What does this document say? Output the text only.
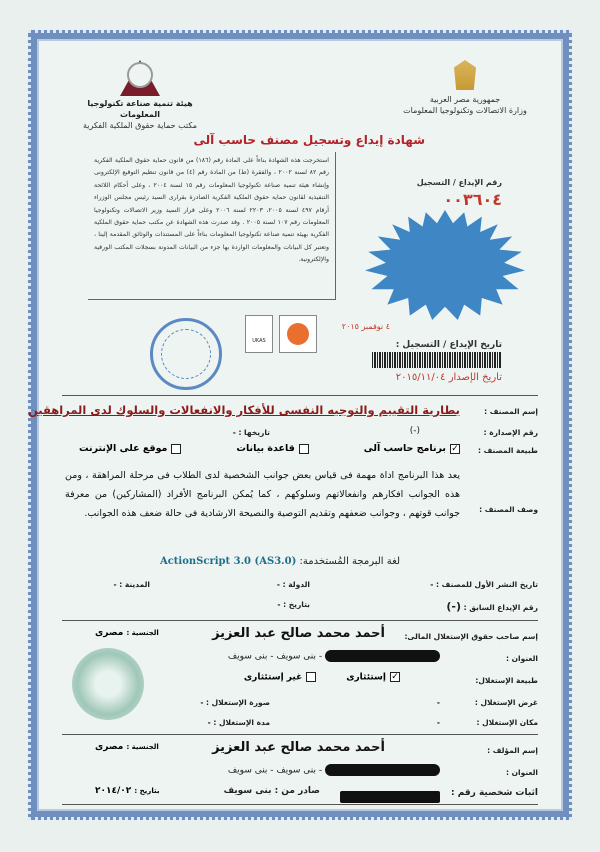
جمهورية مصر العربية
وزارة الاتصالات وتكنولوجيا المعلومات
هيئة تنمية صناعة تكنولوجيا المعلومات
مكتب حماية حقوق الملكية الفكرية
شهادة إيداع وتسجيل مصنف حاسب آلى
استخرجت هذه الشهادة بناءاً على المادة رقم (١٨٦) من قانون حماية حقوق الملكية الفكرية رقم ٨٢ لسنة ٢٠٠٢ ، والفقرة (ط) من المادة رقم (٤) من قانون تنظيم التوقيع الإلكترونى وإنشاء هيئة تنمية صناعة تكنولوجيا المعلومات رقم ١٥ لسنة ٢٠٠٤ ، وعلى أحكام اللائحة التنفيذية لقانون حماية حقوق الملكية الفكرية الصادرة بقرارى السيد رئيس مجلس الوزراء أرقام ٤٩٧ لسنة ٢٠٠٥، ٢٢٠٣ لسنة ٢٠٠٦ وعلى قرار السيد وزير الاتصالات وتكنولوجيا المعلومات رقم ١٠٧ لسنة ٢٠٠٥ . وقد صدرت هذه الشهادة عن مكتب حماية حقوق الملكية الفكرية بهيئة تنمية صناعة تكنولوجيا المعلومات بناءاً على المستندات والوثائق المقدمة إلينا ، وتعتبر كل البيانات والمعلومات الواردة بها جزء من البيانات المدونة بسجلات المكتب الورقية والإلكترونية.
رقم الإيداع / التسجيل
٠٠٣٦٠٤
٤ نوفمبر ٢٠١٥
تاريخ الإيداع / التسجيل :
تاريخ الإصدار ٢٠١٥/١١/٠٤
UKAS
إسم المصنف :
بطارية التقييم والتوجيه النفسى للأفكار والانفعالات والسلوك لدى المراهقين
رقم الإصدارة :
(-)
تاريخها : -
طبيعة المصنف :
✓برنامج حاسب آلى
قاعدة بيانات
موقع على الإنترنت
وصف المصنف :
يعد هذا البرنامج اداة مهمة فى قياس بعض جوانب الشخصية لدى الطلاب فى مرحلة المراهقة ، ومن هذه الجوانب افكارهم وانفعالاتهم وسلوكهم ، كما يُمكن البرنامج الأفراد (المشاركين) من معرفة جوانب قوتهم ، وجوانب ضعفهم وتقديم التوصية والنصيحة الارشادية فى حالة ضعف هذه الجوانب.
لغة البرمجة المُستخدمة: ActionScript 3.0 (AS3.0)
تاريخ النشر الأول للمصنف : -
الدولة : -
المدينة : -
رقم الإيداع السابق : (-)
بتاريخ : -
إسم صاحب حقوق الإستغلال المالى:
أحمد محمد صالح عبد العزيز
الجنسية : مصرى
العنوان :
- بنى سويف - بنى سويف
طبيعة الإستغلال:
✓إستئثارى
غير إستئثارى
غرض الإستغلال :
-
صورة الإستغلال : -
مكان الإستغلال :
-
مدة الإستغلال : -
إسم المؤلف :
أحمد محمد صالح عبد العزيز
الجنسية : مصرى
العنوان :
- بنى سويف - بنى سويف
اثبات شخصية رقم :
صادر من : بنى سويف
بتاريخ : ٢٠١٤/٠٢
